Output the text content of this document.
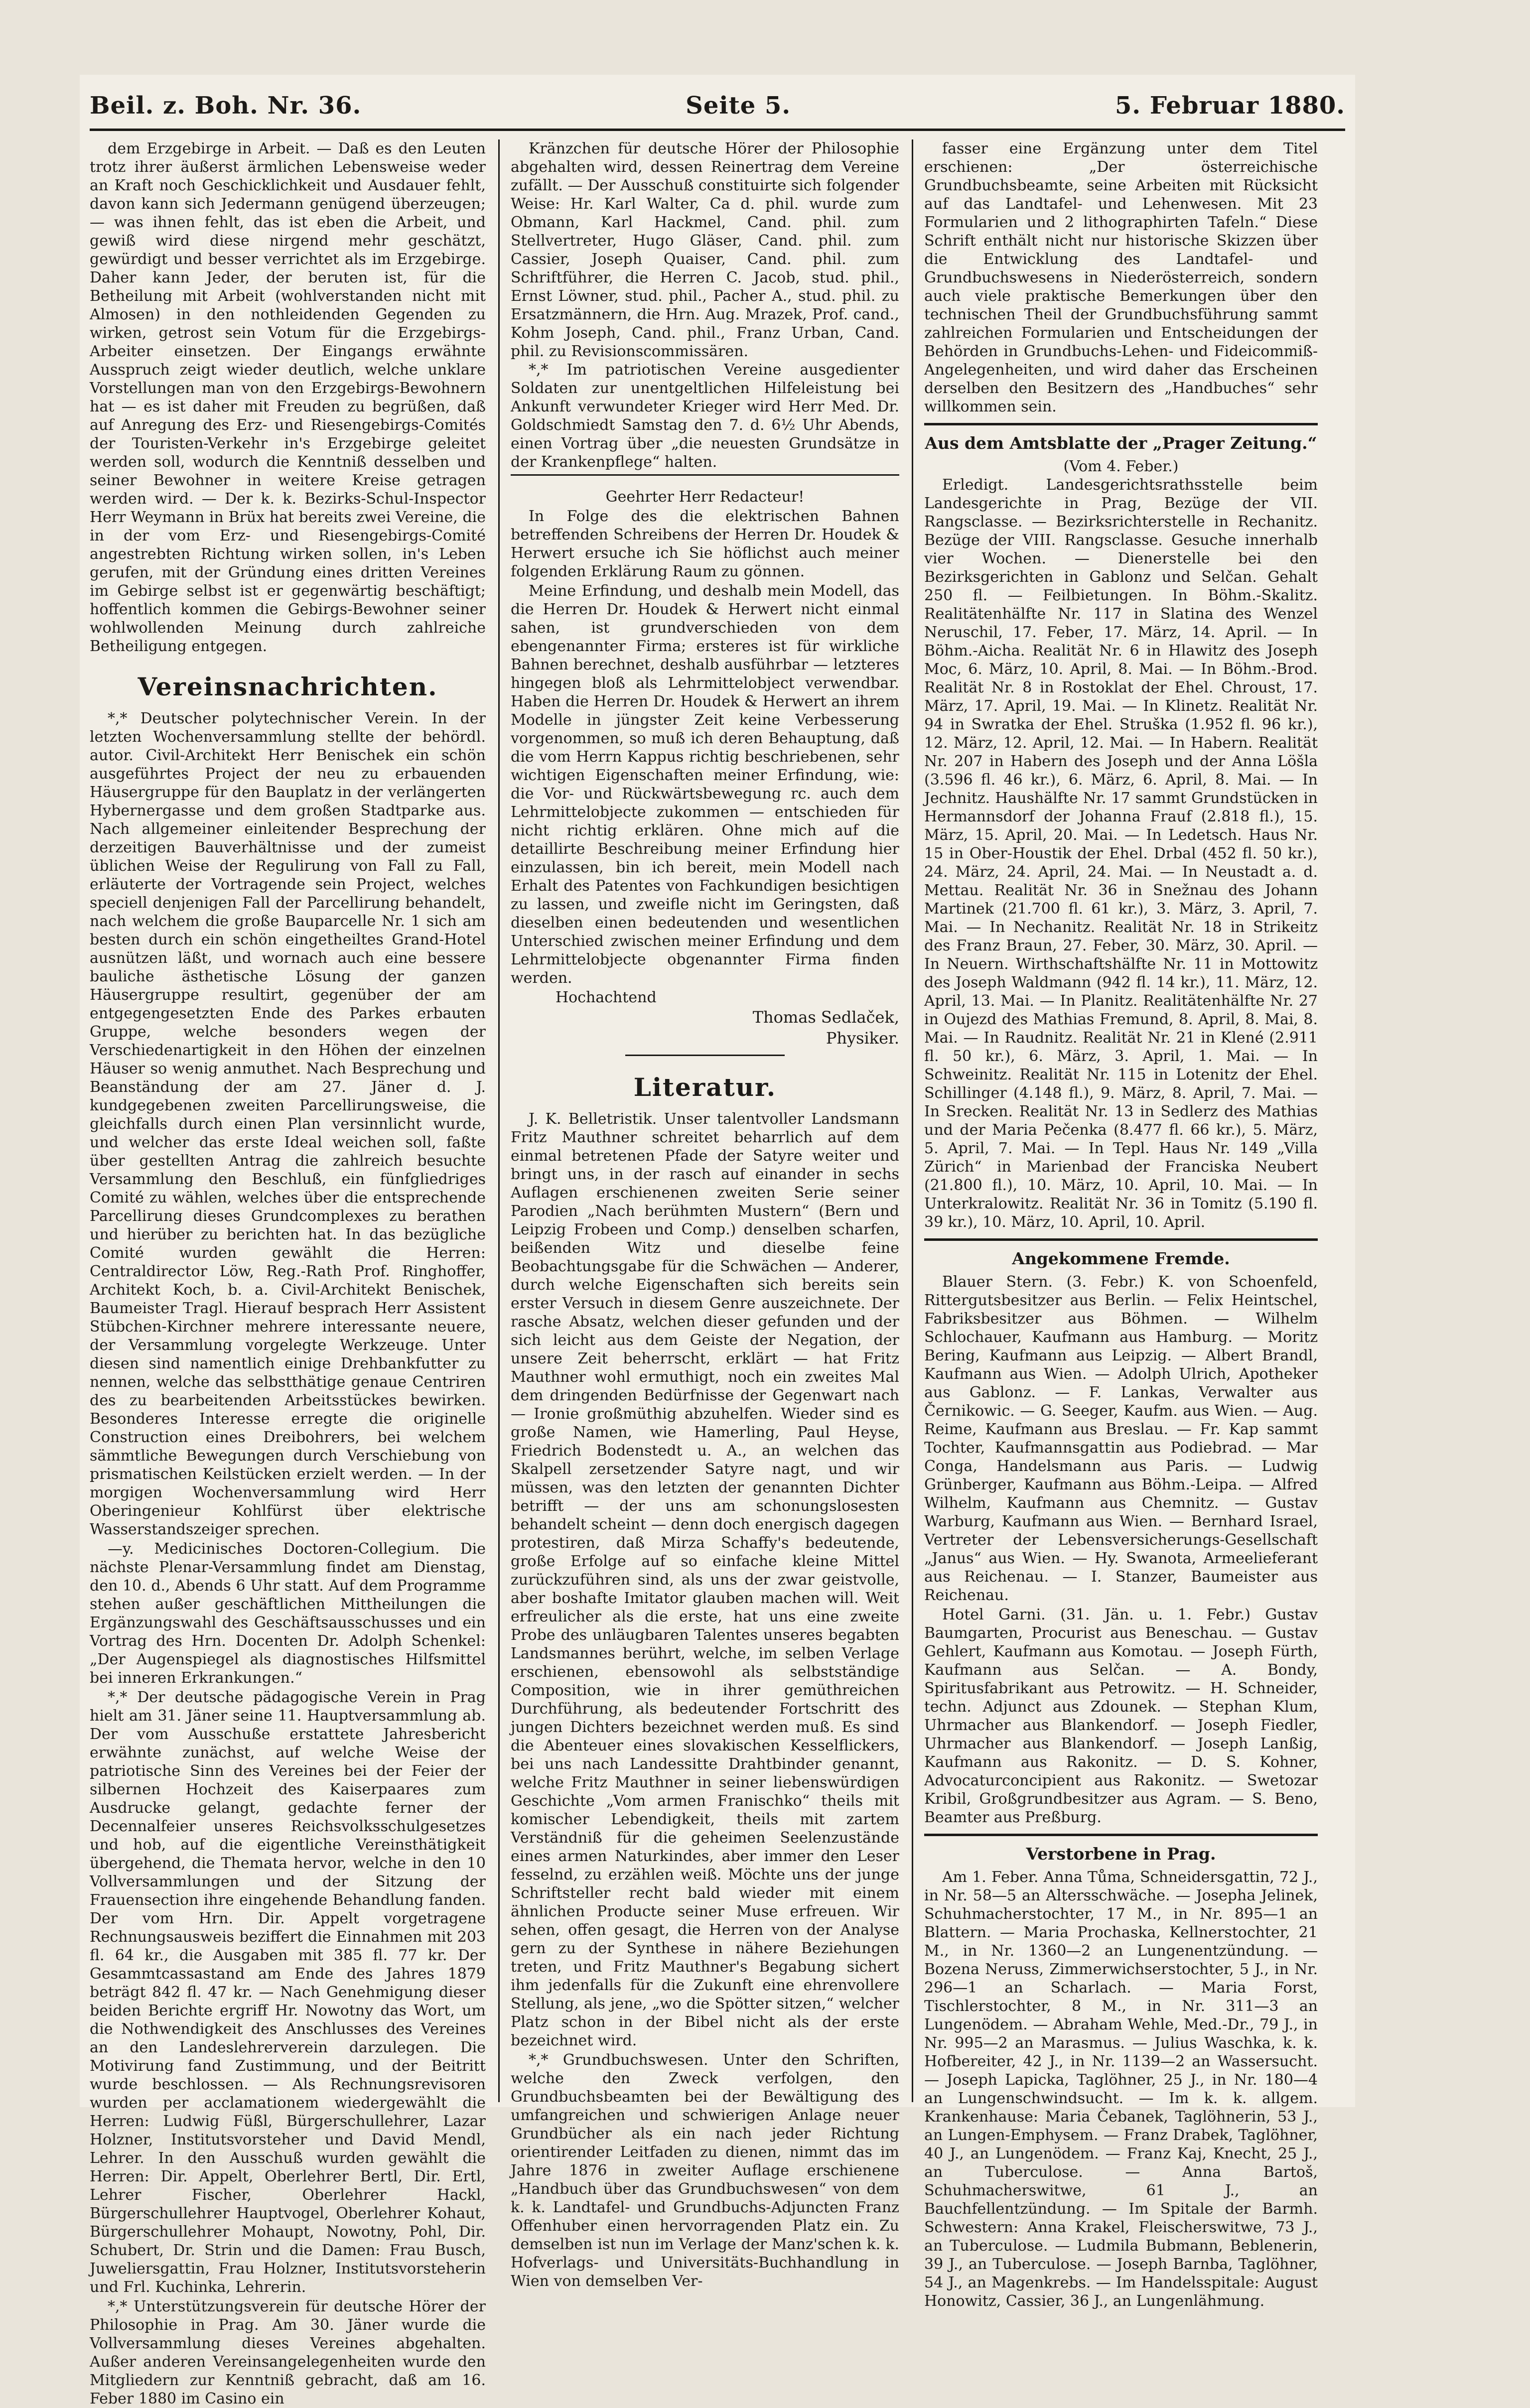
Beil. z. Boh. Nr. 36.	Seite 5.	5. Februar 1880.

dem Erzgebirge in Arbeit. — Daß es den Leuten trotz ihrer äußerst ärmlichen Lebensweise weder an Kraft noch Geschicklichkeit und Ausdauer fehlt, davon kann sich Jedermann genügend überzeugen; — was ihnen fehlt, das ist eben die Arbeit, und gewiß wird diese nirgend mehr geschätzt, gewürdigt und besser verrichtet als im Erzgebirge. Daher kann Jeder, der beruten ist, für die Betheilung mit Arbeit (wohlverstanden nicht mit Almosen) in den nothleidenden Gegenden zu wirken, getrost sein Votum für die Erzgebirgs-Arbeiter einsetzen. Der Eingangs erwähnte Ausspruch zeigt wieder deutlich, welche unklare Vorstellungen man von den Erzgebirgs-Bewohnern hat — es ist daher mit Freuden zu begrüßen, daß auf Anregung des Erz- und Riesengebirgs-Comités der Touristen-Verkehr in's Erzgebirge geleitet werden soll, wodurch die Kenntniß desselben und seiner Bewohner in weitere Kreise getragen werden wird. — Der k. k. Bezirks-Schul-Inspector Herr Weymann in Brüx hat bereits zwei Vereine, die in der vom Erz- und Riesengebirgs-Comité angestrebten Richtung wirken sollen, in's Leben gerufen, mit der Gründung eines dritten Vereines im Gebirge selbst ist er gegenwärtig beschäftigt; hoffentlich kommen die Gebirgs-Bewohner seiner wohlwollenden Meinung durch zahlreiche Betheiligung entgegen.

Vereinsnachrichten.

*,* Deutscher polytechnischer Verein. In der letzten Wochenversammlung stellte der behördl. autor. Civil-Architekt Herr Benischek ein schön ausgeführtes Project der neu zu erbauenden Häusergruppe für den Bauplatz in der verlängerten Hybernergasse und dem großen Stadtparke aus. Nach allgemeiner einleitender Besprechung der derzeitigen Bauverhältnisse und der zumeist üblichen Weise der Regulirung von Fall zu Fall, erläuterte der Vortragende sein Project, welches speciell denjenigen Fall der Parcellirung behandelt, nach welchem die große Bauparcelle Nr. 1 sich am besten durch ein schön eingetheiltes Grand-Hotel ausnützen läßt, und wornach auch eine bessere bauliche ästhetische Lösung der ganzen Häusergruppe resultirt, gegenüber der am entgegengesetzten Ende des Parkes erbauten Gruppe, welche besonders wegen der Verschiedenartigkeit in den Höhen der einzelnen Häuser so wenig anmuthet. Nach Besprechung und Beanständung der am 27. Jäner d. J. kundgegebenen zweiten Parcellirungsweise, die gleichfalls durch einen Plan versinnlicht wurde, und welcher das erste Ideal weichen soll, faßte über gestellten Antrag die zahlreich besuchte Versammlung den Beschluß, ein fünfgliedriges Comité zu wählen, welches über die entsprechende Parcellirung dieses Grundcomplexes zu berathen und hierüber zu berichten hat. In das bezügliche Comité wurden gewählt die Herren: Centraldirector Löw, Reg.-Rath Prof. Ringhoffer, Architekt Koch, b. a. Civil-Architekt Benischek, Baumeister Tragl. Hierauf besprach Herr Assistent Stübchen-Kirchner mehrere interessante neuere, der Versammlung vorgelegte Werkzeuge. Unter diesen sind namentlich einige Drehbankfutter zu nennen, welche das selbstthätige genaue Centriren des zu bearbeitenden Arbeitsstückes bewirken. Besonderes Interesse erregte die originelle Construction eines Dreibohrers, bei welchem sämmtliche Bewegungen durch Verschiebung von prismatischen Keilstücken erzielt werden. — In der morgigen Wochenversammlung wird Herr Oberingenieur Kohlfürst über elektrische Wasserstandszeiger sprechen.

—y. Medicinisches Doctoren-Collegium. Die nächste Plenar-Versammlung findet am Dienstag, den 10. d., Abends 6 Uhr statt. Auf dem Programme stehen außer geschäftlichen Mittheilungen die Ergänzungswahl des Geschäftsausschusses und ein Vortrag des Hrn. Docenten Dr. Adolph Schenkel: „Der Augenspiegel als diagnostisches Hilfsmittel bei inneren Erkrankungen.“

*,* Der deutsche pädagogische Verein in Prag hielt am 31. Jäner seine 11. Hauptversammlung ab. Der vom Ausschuße erstattete Jahresbericht erwähnte zunächst, auf welche Weise der patriotische Sinn des Vereines bei der Feier der silbernen Hochzeit des Kaiserpaares zum Ausdrucke gelangt, gedachte ferner der Decennalfeier unseres Reichsvolksschulgesetzes und hob, auf die eigentliche Vereinsthätigkeit übergehend, die Themata hervor, welche in den 10 Vollversammlungen und der Sitzung der Frauensection ihre eingehende Behandlung fanden. Der vom Hrn. Dir. Appelt vorgetragene Rechnungsausweis beziffert die Einnahmen mit 203 fl. 64 kr., die Ausgaben mit 385 fl. 77 kr. Der Gesammtcassastand am Ende des Jahres 1879 beträgt 842 fl. 47 kr. — Nach Genehmigung dieser beiden Berichte ergriff Hr. Nowotny das Wort, um die Nothwendigkeit des Anschlusses des Vereines an den Landeslehrerverein darzulegen. Die Motivirung fand Zustimmung, und der Beitritt wurde beschlossen. — Als Rechnungsrevisoren wurden per acclamationem wiedergewählt die Herren: Ludwig Füßl, Bürgerschullehrer, Lazar Holzner, Institutsvorsteher und David Mendl, Lehrer. In den Ausschuß wurden gewählt die Herren: Dir. Appelt, Oberlehrer Bertl, Dir. Ertl, Lehrer Fischer, Oberlehrer Hackl, Bürgerschullehrer Hauptvogel, Oberlehrer Kohaut, Bürgerschullehrer Mohaupt, Nowotny, Pohl, Dir. Schubert, Dr. Strin und die Damen: Frau Busch, Juweliersgattin, Frau Holzner, Institutsvorsteherin und Frl. Kuchinka, Lehrerin.

*,* Unterstützungsverein für deutsche Hörer der Philosophie in Prag. Am 30. Jäner wurde die Vollversammlung dieses Vereines abgehalten. Außer anderen Vereinsangelegenheiten wurde den Mitgliedern zur Kenntniß gebracht, daß am 16. Feber 1880 im Casino ein

Kränzchen für deutsche Hörer der Philosophie abgehalten wird, dessen Reinertrag dem Vereine zufällt. — Der Ausschuß constituirte sich folgender Weise: Hr. Karl Walter, Ca d. phil. wurde zum Obmann, Karl Hackmel, Cand. phil. zum Stellvertreter, Hugo Gläser, Cand. phil. zum Cassier, Joseph Quaiser, Cand. phil. zum Schriftführer, die Herren C. Jacob, stud. phil., Ernst Löwner, stud. phil., Pacher A., stud. phil. zu Ersatzmännern, die Hrn. Aug. Mrazek, Prof. cand., Kohm Joseph, Cand. phil., Franz Urban, Cand. phil. zu Revisionscommissären.

*,* Im patriotischen Vereine ausgedienter Soldaten zur unentgeltlichen Hilfeleistung bei Ankunft verwundeter Krieger wird Herr Med. Dr. Goldschmiedt Samstag den 7. d. 6½ Uhr Abends, einen Vortrag über „die neuesten Grundsätze in der Krankenpflege“ halten.

Geehrter Herr Redacteur!

In Folge des die elektrischen Bahnen betreffenden Schreibens der Herren Dr. Houdek & Herwert ersuche ich Sie höflichst auch meiner folgenden Erklärung Raum zu gönnen.

Meine Erfindung, und deshalb mein Modell, das die Herren Dr. Houdek & Herwert nicht einmal sahen, ist grundverschieden von dem ebengenannter Firma; ersteres ist für wirkliche Bahnen berechnet, deshalb ausführbar — letzteres hingegen bloß als Lehrmittelobject verwendbar. Haben die Herren Dr. Houdek & Herwert an ihrem Modelle in jüngster Zeit keine Verbesserung vorgenommen, so muß ich deren Behauptung, daß die vom Herrn Kappus richtig beschriebenen, sehr wichtigen Eigenschaften meiner Erfindung, wie: die Vor- und Rückwärtsbewegung rc. auch dem Lehrmittelobjecte zukommen — entschieden für nicht richtig erklären. Ohne mich auf die detaillirte Beschreibung meiner Erfindung hier einzulassen, bin ich bereit, mein Modell nach Erhalt des Patentes von Fachkundigen besichtigen zu lassen, und zweifle nicht im Geringsten, daß dieselben einen bedeutenden und wesentlichen Unterschied zwischen meiner Erfindung und dem Lehrmittelobjecte obgenannter Firma finden werden.

Hochachtend

Thomas Sedlaček,
Physiker.
Literatur.

J. K. Belletristik. Unser talentvoller Landsmann Fritz Mauthner schreitet beharrlich auf dem einmal betretenen Pfade der Satyre weiter und bringt uns, in der rasch auf einander in sechs Auflagen erschienenen zweiten Serie seiner Parodien „Nach berühmten Mustern“ (Bern und Leipzig Frobeen und Comp.) denselben scharfen, beißenden Witz und dieselbe feine Beobachtungsgabe für die Schwächen — Anderer, durch welche Eigenschaften sich bereits sein erster Versuch in diesem Genre auszeichnete. Der rasche Absatz, welchen dieser gefunden und der sich leicht aus dem Geiste der Negation, der unsere Zeit beherrscht, erklärt — hat Fritz Mauthner wohl ermuthigt, noch ein zweites Mal dem dringenden Bedürfnisse der Gegenwart nach — Ironie großmüthig abzuhelfen. Wieder sind es große Namen, wie Hamerling, Paul Heyse, Friedrich Bodenstedt u. A., an welchen das Skalpell zersetzender Satyre nagt, und wir müssen, was den letzten der genannten Dichter betrifft — der uns am schonungslosesten behandelt scheint — denn doch energisch dagegen protestiren, daß Mirza Schaffy's bedeutende, große Erfolge auf so einfache kleine Mittel zurückzuführen sind, als uns der zwar geistvolle, aber boshafte Imitator glauben machen will. Weit erfreulicher als die erste, hat uns eine zweite Probe des unläugbaren Talentes unseres begabten Landsmannes berührt, welche, im selben Verlage erschienen, ebensowohl als selbstständige Composition, wie in ihrer gemüthreichen Durchführung, als bedeutender Fortschritt des jungen Dichters bezeichnet werden muß. Es sind die Abenteuer eines slovakischen Kesselflickers, bei uns nach Landessitte Drahtbinder genannt, welche Fritz Mauthner in seiner liebenswürdigen Geschichte „Vom armen Franischko“ theils mit komischer Lebendigkeit, theils mit zartem Verständniß für die geheimen Seelenzustände eines armen Naturkindes, aber immer den Leser fesselnd, zu erzählen weiß. Möchte uns der junge Schriftsteller recht bald wieder mit einem ähnlichen Producte seiner Muse erfreuen. Wir sehen, offen gesagt, die Herren von der Analyse gern zu der Synthese in nähere Beziehungen treten, und Fritz Mauthner's Begabung sichert ihm jedenfalls für die Zukunft eine ehrenvollere Stellung, als jene, „wo die Spötter sitzen,“ welcher Platz schon in der Bibel nicht als der erste bezeichnet wird.

*,* Grundbuchswesen. Unter den Schriften, welche den Zweck verfolgen, den Grundbuchsbeamten bei der Bewältigung des umfangreichen und schwierigen Anlage neuer Grundbücher als ein nach jeder Richtung orientirender Leitfaden zu dienen, nimmt das im Jahre 1876 in zweiter Auflage erschienene „Handbuch über das Grundbuchswesen“ von dem k. k. Landtafel- und Grundbuchs-Adjuncten Franz Offenhuber einen hervorragenden Platz ein. Zu demselben ist nun im Verlage der Manz'schen k. k. Hofverlags- und Universitäts-Buchhandlung in Wien von demselben Ver-

fasser eine Ergänzung unter dem Titel erschienen: „Der österreichische Grundbuchsbeamte, seine Arbeiten mit Rücksicht auf das Landtafel- und Lehenwesen. Mit 23 Formularien und 2 lithographirten Tafeln.“ Diese Schrift enthält nicht nur historische Skizzen über die Entwicklung des Landtafel- und Grundbuchswesens in Niederösterreich, sondern auch viele praktische Bemerkungen über den technischen Theil der Grundbuchsführung sammt zahlreichen Formularien und Entscheidungen der Behörden in Grundbuchs-Lehen- und Fideicommiß-Angelegenheiten, und wird daher das Erscheinen derselben den Besitzern des „Handbuches“ sehr willkommen sein.

Aus dem Amtsblatte der „Prager Zeitung.“
(Vom 4. Feber.)

Erledigt. Landesgerichtsrathsstelle beim Landesgerichte in Prag, Bezüge der VII. Rangsclasse. — Bezirksrichterstelle in Rechanitz. Bezüge der VIII. Rangsclasse. Gesuche innerhalb vier Wochen. — Dienerstelle bei den Bezirksgerichten in Gablonz und Selčan. Gehalt 250 fl. — Feilbietungen. In Böhm.-Skalitz. Realitätenhälfte Nr. 117 in Slatina des Wenzel Neruschil, 17. Feber, 17. März, 14. April. — In Böhm.-Aicha. Realität Nr. 6 in Hlawitz des Joseph Moc, 6. März, 10. April, 8. Mai. — In Böhm.-Brod. Realität Nr. 8 in Rostoklat der Ehel. Chroust, 17. März, 17. April, 19. Mai. — In Klinetz. Realität Nr. 94 in Swratka der Ehel. Struška (1.952 fl. 96 kr.), 12. März, 12. April, 12. Mai. — In Habern. Realität Nr. 207 in Habern des Joseph und der Anna Löšla (3.596 fl. 46 kr.), 6. März, 6. April, 8. Mai. — In Jechnitz. Haushälfte Nr. 17 sammt Grundstücken in Hermannsdorf der Johanna Frauf (2.818 fl.), 15. März, 15. April, 20. Mai. — In Ledetsch. Haus Nr. 15 in Ober-Houstik der Ehel. Drbal (452 fl. 50 kr.), 24. März, 24. April, 24. Mai. — In Neustadt a. d. Mettau. Realität Nr. 36 in Snežnau des Johann Martinek (21.700 fl. 61 kr.), 3. März, 3. April, 7. Mai. — In Nechanitz. Realität Nr. 18 in Strikeitz des Franz Braun, 27. Feber, 30. März, 30. April. — In Neuern. Wirthschaftshälfte Nr. 11 in Mottowitz des Joseph Waldmann (942 fl. 14 kr.), 11. März, 12. April, 13. Mai. — In Planitz. Realitätenhälfte Nr. 27 in Oujezd des Mathias Fremund, 8. April, 8. Mai, 8. Mai. — In Raudnitz. Realität Nr. 21 in Klené (2.911 fl. 50 kr.), 6. März, 3. April, 1. Mai. — In Schweinitz. Realität Nr. 115 in Lotenitz der Ehel. Schillinger (4.148 fl.), 9. März, 8. April, 7. Mai. — In Srecken. Realität Nr. 13 in Sedlerz des Mathias und der Maria Pečenka (8.477 fl. 66 kr.), 5. März, 5. April, 7. Mai. — In Tepl. Haus Nr. 149 „Villa Zürich“ in Marienbad der Franciska Neubert (21.800 fl.), 10. März, 10. April, 10. Mai. — In Unterkralowitz. Realität Nr. 36 in Tomitz (5.190 fl. 39 kr.), 10. März, 10. April, 10. April.

Angekommene Fremde.

Blauer Stern. (3. Febr.) K. von Schoenfeld, Rittergutsbesitzer aus Berlin. — Felix Heintschel, Fabriksbesitzer aus Böhmen. — Wilhelm Schlochauer, Kaufmann aus Hamburg. — Moritz Bering, Kaufmann aus Leipzig. — Albert Brandl, Kaufmann aus Wien. — Adolph Ulrich, Apotheker aus Gablonz. — F. Lankas, Verwalter aus Černikowic. — G. Seeger, Kaufm. aus Wien. — Aug. Reime, Kaufmann aus Breslau. — Fr. Kap sammt Tochter, Kaufmannsgattin aus Podiebrad. — Mar Conga, Handelsmann aus Paris. — Ludwig Grünberger, Kaufmann aus Böhm.-Leipa. — Alfred Wilhelm, Kaufmann aus Chemnitz. — Gustav Warburg, Kaufmann aus Wien. — Bernhard Israel, Vertreter der Lebensversicherungs-Gesellschaft „Janus“ aus Wien. — Hy. Swanota, Armeelieferant aus Reichenau. — I. Stanzer, Baumeister aus Reichenau.

Hotel Garni. (31. Jän. u. 1. Febr.) Gustav Baumgarten, Procurist aus Beneschau. — Gustav Gehlert, Kaufmann aus Komotau. — Joseph Fürth, Kaufmann aus Selčan. — A. Bondy, Spiritusfabrikant aus Petrowitz. — H. Schneider, techn. Adjunct aus Zdounek. — Stephan Klum, Uhrmacher aus Blankendorf. — Joseph Fiedler, Uhrmacher aus Blankendorf. — Joseph Lanßig, Kaufmann aus Rakonitz. — D. S. Kohner, Advocaturconcipient aus Rakonitz. — Swetozar Kribil, Großgrundbesitzer aus Agram. — S. Beno, Beamter aus Preßburg.

Verstorbene in Prag.

Am 1. Feber. Anna Tůma, Schneidersgattin, 72 J., in Nr. 58—5 an Altersschwäche. — Josepha Jelinek, Schuhmacherstochter, 17 M., in Nr. 895—1 an Blattern. — Maria Prochaska, Kellnerstochter, 21 M., in Nr. 1360—2 an Lungenentzündung. — Bozena Neruss, Zimmerwichserstochter, 5 J., in Nr. 296—1 an Scharlach. — Maria Forst, Tischlerstochter, 8 M., in Nr. 311—3 an Lungenödem. — Abraham Wehle, Med.-Dr., 79 J., in Nr. 995—2 an Marasmus. — Julius Waschka, k. k. Hofbereiter, 42 J., in Nr. 1139—2 an Wassersucht. — Joseph Lapicka, Taglöhner, 25 J., in Nr. 180—4 an Lungenschwindsucht. — Im k. k. allgem. Krankenhause: Maria Čebanek, Taglöhnerin, 53 J., an Lungen-Emphysem. — Franz Drabek, Taglöhner, 40 J., an Lungenödem. — Franz Kaj, Knecht, 25 J., an Tuberculose. — Anna Bartoš, Schuhmacherswitwe, 61 J., an Bauchfellentzündung. — Im Spitale der Barmh. Schwestern: Anna Krakel, Fleischerswitwe, 73 J., an Tuberculose. — Ludmila Bubmann, Beblenerin, 39 J., an Tuberculose. — Joseph Barnba, Taglöhner, 54 J., an Magenkrebs. — Im Handelsspitale: August Honowitz, Cassier, 36 J., an Lungenlähmung.
